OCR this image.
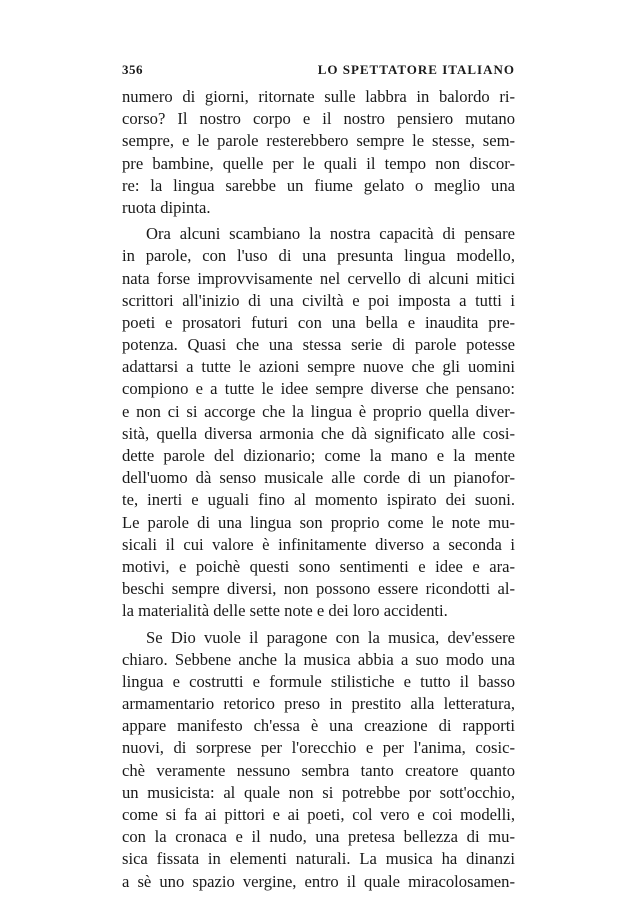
356	LO SPETTATORE ITALIANO
numero di giorni, ritornate sulle labbra in balordo ri-
corso? Il nostro corpo e il nostro pensiero mutano
sempre, e le parole resterebbero sempre le stesse, sem-
pre bambine, quelle per le quali il tempo non discor-
re: la lingua sarebbe un fiume gelato o meglio una
ruota dipinta.
Ora alcuni scambiano la nostra capacità di pensare
in parole, con l'uso di una presunta lingua modello,
nata forse improvvisamente nel cervello di alcuni mitici
scrittori all'inizio di una civiltà e poi imposta a tutti i
poeti e prosatori futuri con una bella e inaudita pre-
potenza. Quasi che una stessa serie di parole potesse
adattarsi a tutte le azioni sempre nuove che gli uomini
compiono e a tutte le idee sempre diverse che pensano:
e non ci si accorge che la lingua è proprio quella diver-
sità, quella diversa armonia che dà significato alle cosi-
dette parole del dizionario; come la mano e la mente
dell'uomo dà senso musicale alle corde di un pianofor-
te, inerti e uguali fino al momento ispirato dei suoni.
Le parole di una lingua son proprio come le note mu-
sicali il cui valore è infinitamente diverso a seconda i
motivi, e poichè questi sono sentimenti e idee e ara-
beschi sempre diversi, non possono essere ricondotti al-
la materialità delle sette note e dei loro accidenti.
Se Dio vuole il paragone con la musica, dev'essere
chiaro. Sebbene anche la musica abbia a suo modo una
lingua e costrutti e formule stilistiche e tutto il basso
armamentario retorico preso in prestito alla letteratura,
appare manifesto ch'essa è una creazione di rapporti
nuovi, di sorprese per l'orecchio e per l'anima, cosic-
chè veramente nessuno sembra tanto creatore quanto
un musicista: al quale non si potrebbe por sott'occhio,
come si fa ai pittori e ai poeti, col vero e coi modelli,
con la cronaca e il nudo, una pretesa bellezza di mu-
sica fissata in elementi naturali. La musica ha dinanzi
a sè uno spazio vergine, entro il quale miracolosamen-
